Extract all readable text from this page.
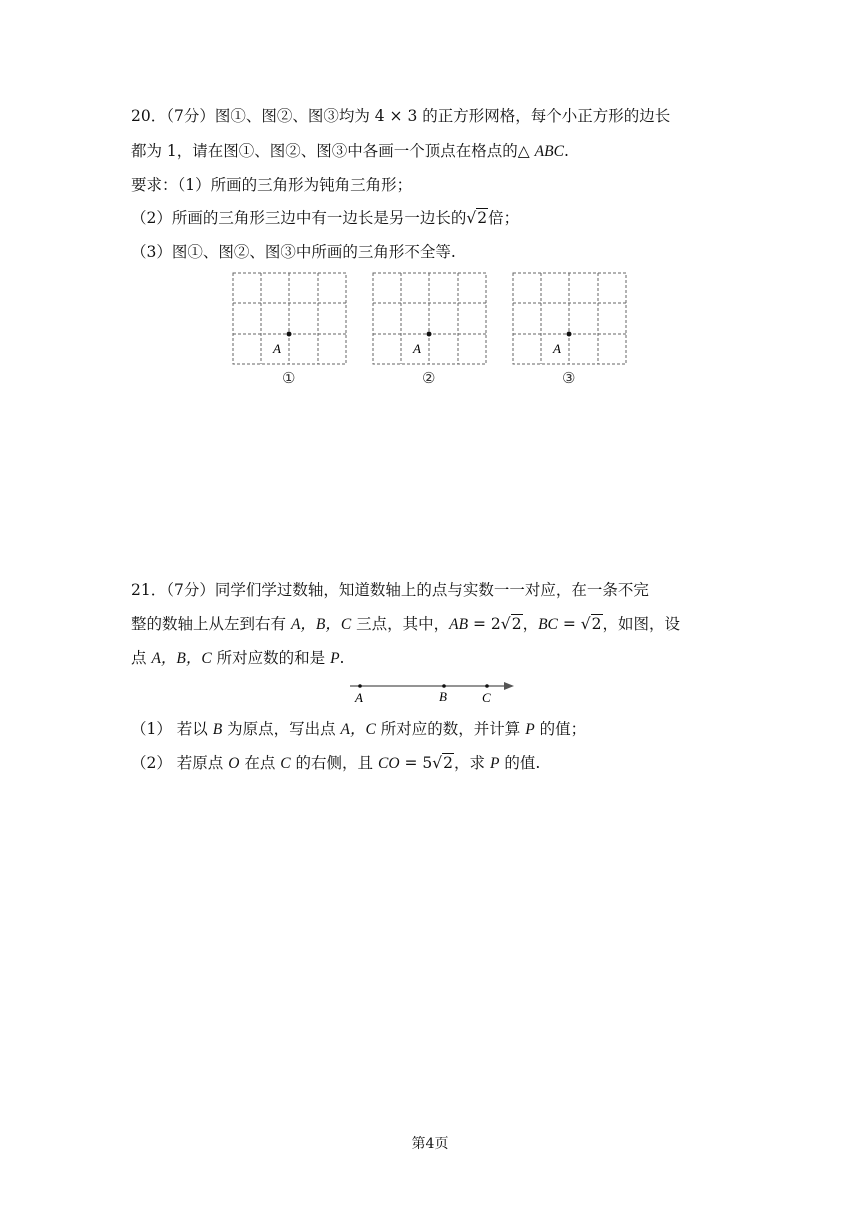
20．（7分）图①、图②、图③均为 4 × 3 的正方形网格，每个小正方形的边长
都为 1，请在图①、图②、图③中各画一个顶点在格点的△ ABC.
要求：（1）所画的三角形为钝角三角形；
（2）所画的三角形三边中有一边长是另一边长的√2倍；
（3）图①、图②、图③中所画的三角形不全等.
A	A	A
①	②	③
21．（7分）同学们学过数轴，知道数轴上的点与实数一一对应，在一条不完
整的数轴上从左到右有 A，B，C 三点，其中，AB = 2√2，BC = √2，如图，设
点 A，B，C 所对应数的和是 P.
A	B	C
（1） 若以 B 为原点，写出点 A，C 所对应的数，并计算 P 的值；
（2） 若原点 O 在点 C 的右侧，且 CO = 5√2，求 P 的值.
第4页
